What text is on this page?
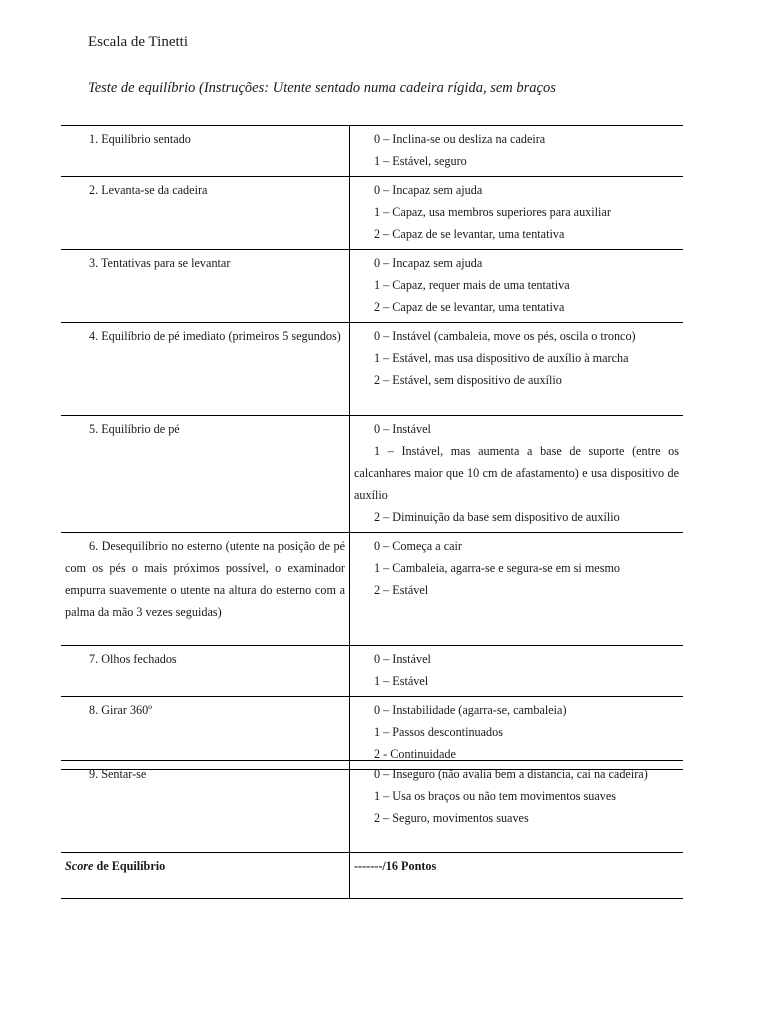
Escala de Tinetti
Teste de equilíbrio (Instruções: Utente sentado numa cadeira rígida, sem braços
1. Equilíbrio sentado	0 – Inclina-se ou desliza na cadeira
1 – Estável, seguro

2. Levanta-se da cadeira	0 – Incapaz sem ajuda
1 – Capaz, usa membros superiores para auxiliar
2 – Capaz de se levantar, uma tentativa

3. Tentativas para se levantar	0 – Incapaz sem ajuda
1 – Capaz, requer mais de uma tentativa
2 – Capaz de se levantar, uma tentativa

4. Equilíbrio de pé imediato (primeiros 5 segundos)	0 – Instável (cambaleia, move os pés, oscila o tronco)
1 – Estável, mas usa dispositivo de auxílio à marcha
2 – Estável, sem dispositivo de auxílio

5. Equilíbrio de pé	0 – Instável
1 – Instável, mas aumenta a base de suporte (entre os calcanhares maior que 10 cm de afastamento) e usa dispositivo de auxílio
2 – Diminuição da base sem dispositivo de auxílio

6. Desequilíbrio no esterno (utente na posição de pé com os pés o mais próximos possível, o examinador empurra suavemente o utente na altura do esterno com a palma da mão 3 vezes seguidas)	0 – Começa a cair
1 – Cambaleia, agarra-se e segura-se em si mesmo
2 – Estável

7. Olhos fechados	0 – Instável
1 – Estável

8. Girar 360º	0 – Instabilidade (agarra-se, cambaleia)
1 – Passos descontinuados
2 - Continuidade
9. Sentar-se	0 – Inseguro (não avalia bem a distancia, cai na cadeira)
1 – Usa os braços ou não tem movimentos suaves
2 – Seguro, movimentos suaves

Score de Equilíbrio	-------/16 Pontos
